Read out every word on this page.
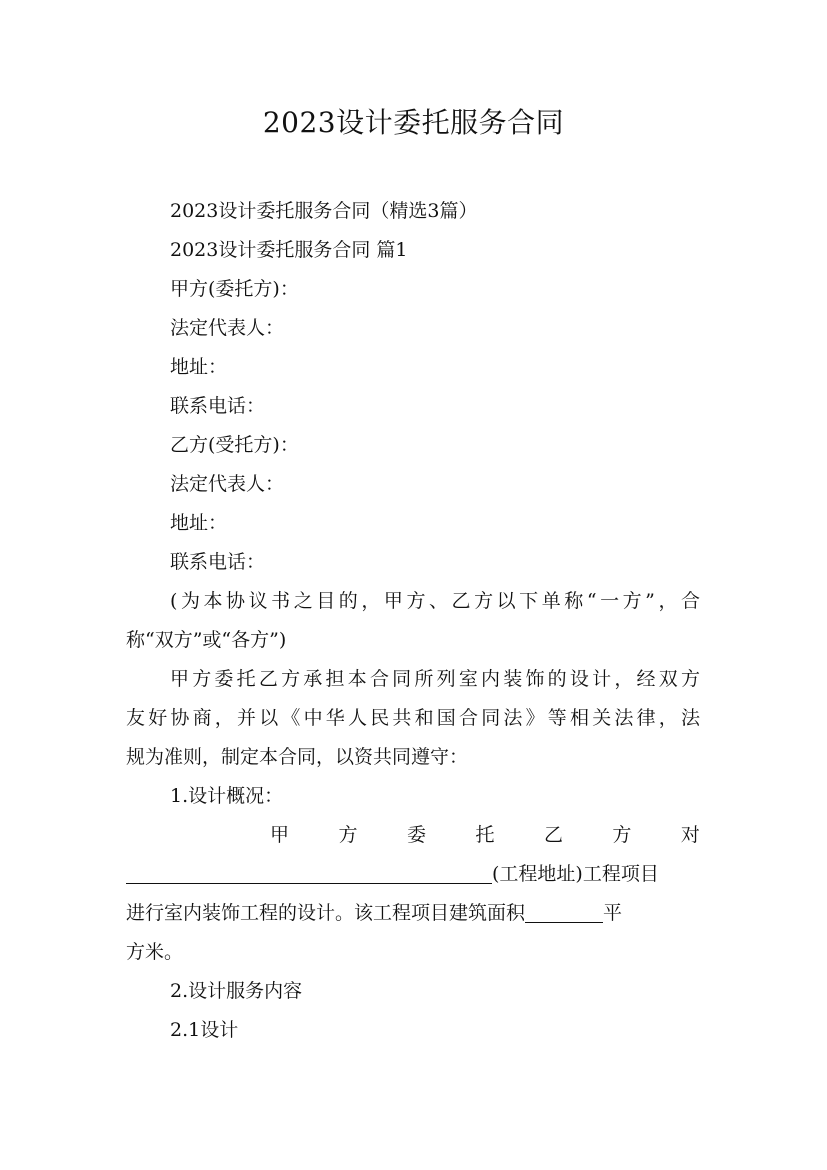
2023设计委托服务合同
2023设计委托服务合同（精选3篇）
2023设计委托服务合同 篇1
甲方(委托方)：
法定代表人：
地址：
联系电话：
乙方(受托方)：
法定代表人：
地址：
联系电话：
(为本协议书之目的，甲方、乙方以下单称“一方”，合
称“双方”或“各方”)
甲方委托乙方承担本合同所列室内装饰的设计，经双方
友好协商，并以《中华人民共和国合同法》等相关法律，法
规为准则，制定本合同，以资共同遵守：
1.设计概况：
甲	方	委	托	乙	方	对
(工程地址)工程项目
进行室内装饰工程的设计。该工程项目建筑面积	平
方米。
2.设计服务内容
2.1设计
